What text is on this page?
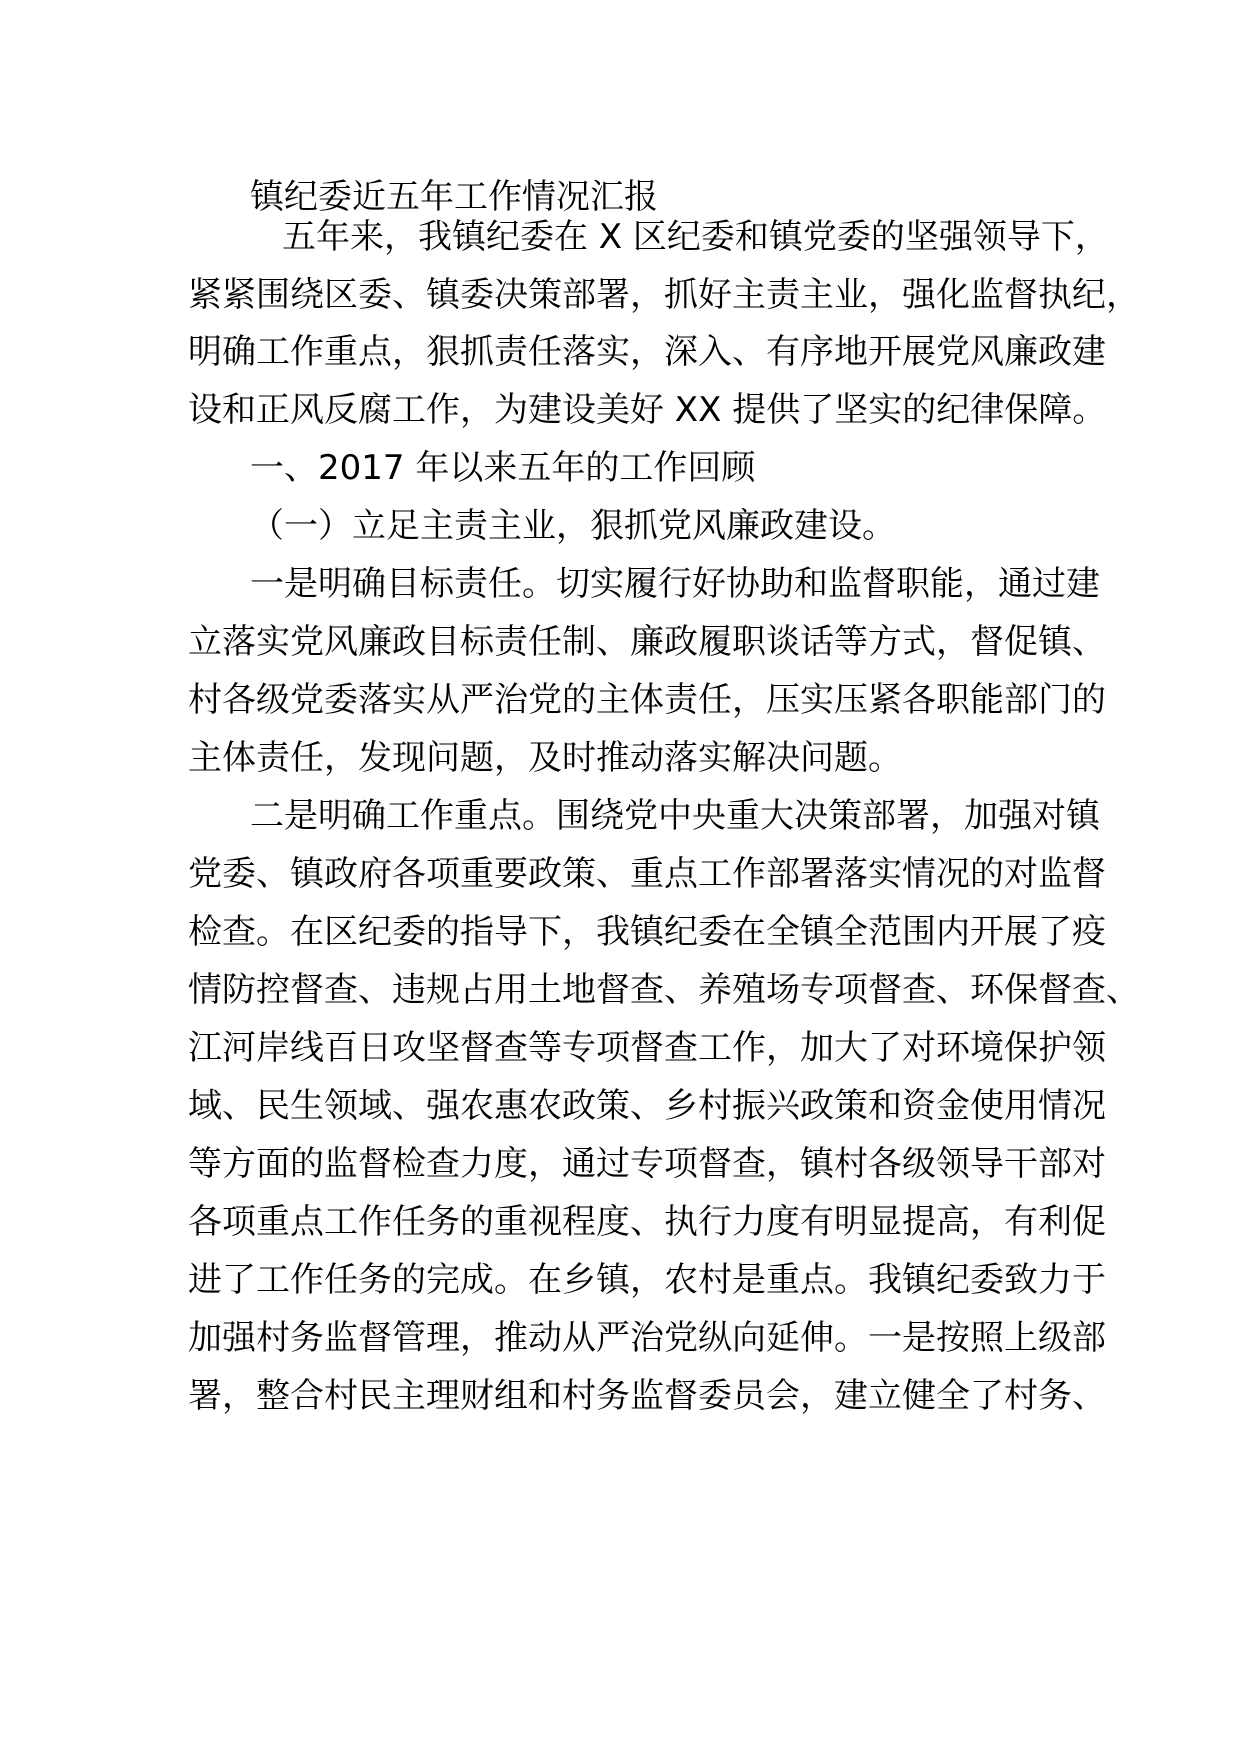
镇纪委近五年工作情况汇报
五年来，我镇纪委在 X 区纪委和镇党委的坚强领导下，
紧紧围绕区委、镇委决策部署，抓好主责主业，强化监督执纪，
明确工作重点，狠抓责任落实，深入、有序地开展党风廉政建
设和正风反腐工作，为建设美好 XX 提供了坚实的纪律保障。
一、2017 年以来五年的工作回顾
（一）立足主责主业，狠抓党风廉政建设。
一是明确目标责任。切实履行好协助和监督职能，通过建
立落实党风廉政目标责任制、廉政履职谈话等方式，督促镇、
村各级党委落实从严治党的主体责任，压实压紧各职能部门的
主体责任，发现问题，及时推动落实解决问题。
二是明确工作重点。围绕党中央重大决策部署，加强对镇
党委、镇政府各项重要政策、重点工作部署落实情况的对监督
检查。在区纪委的指导下，我镇纪委在全镇全范围内开展了疫
情防控督查、违规占用土地督查、养殖场专项督查、环保督查、
江河岸线百日攻坚督查等专项督查工作，加大了对环境保护领
域、民生领域、强农惠农政策、乡村振兴政策和资金使用情况
等方面的监督检查力度，通过专项督查，镇村各级领导干部对
各项重点工作任务的重视程度、执行力度有明显提高，有利促
进了工作任务的完成。在乡镇，农村是重点。我镇纪委致力于
加强村务监督管理，推动从严治党纵向延伸。一是按照上级部
署，整合村民主理财组和村务监督委员会，建立健全了村务、
